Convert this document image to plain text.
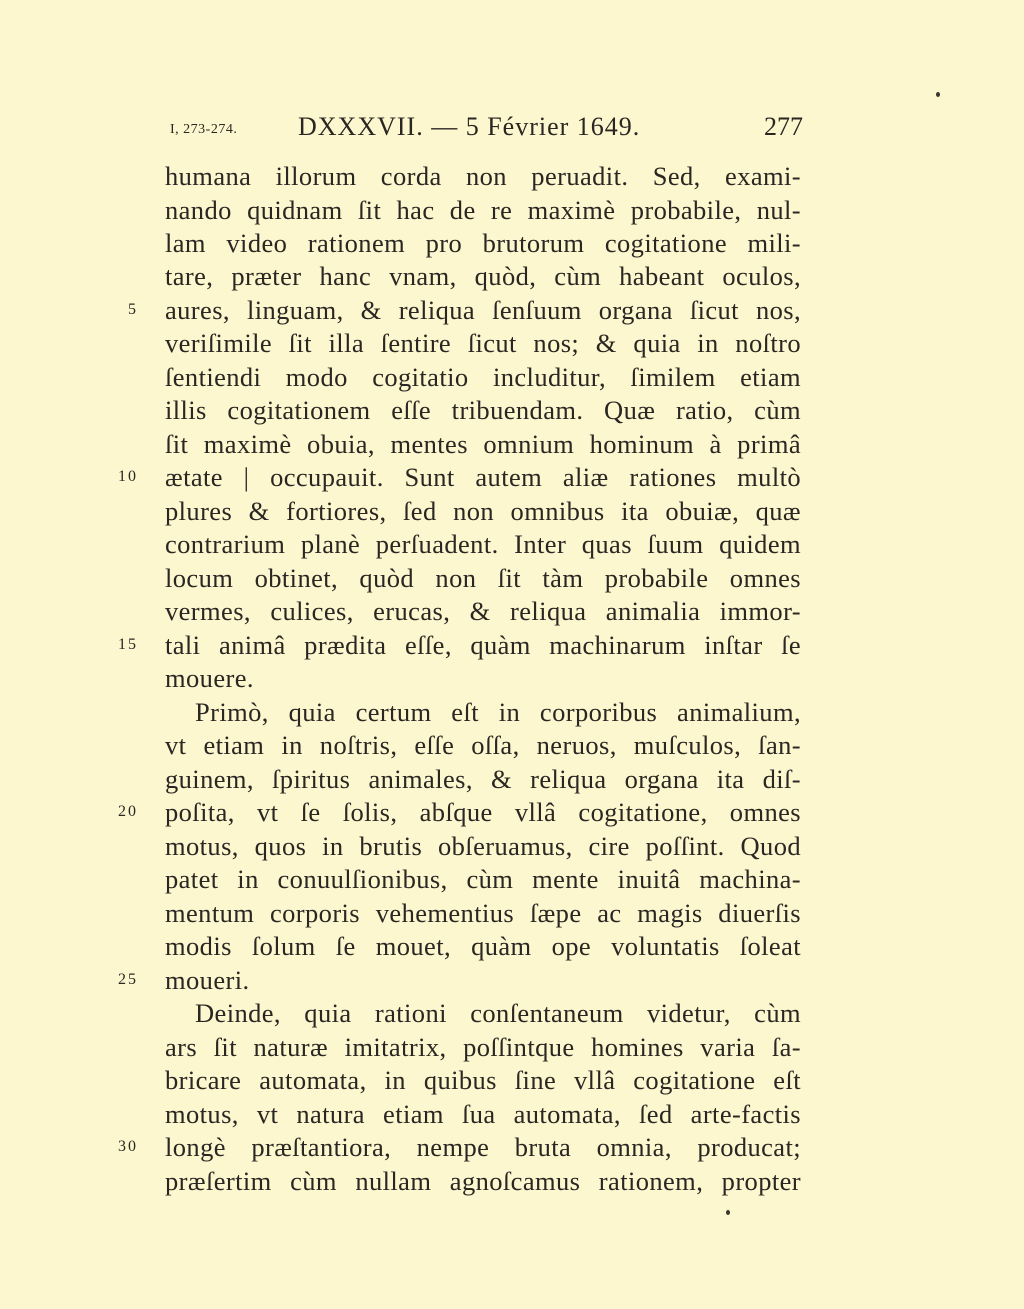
I, 273-274. DXXXVII. — 5 Février 1649.	277
humana illorum corda non peruadit. Sed, exami-
nando quidnam ſit hac de re maximè probabile, nul-
lam video rationem pro brutorum cogitatione mili-
tare, præter hanc vnam, quòd, cùm habeant oculos,
aures, linguam, & reliqua ſenſuum organa ſicut nos,
veriſimile ſit illa ſentire ſicut nos; & quia in noſtro
ſentiendi modo cogitatio includitur, ſimilem etiam
illis cogitationem eſſe tribuendam. Quæ ratio, cùm
ſit maximè obuia, mentes omnium hominum à primâ
ætate | occupauit. Sunt autem aliæ rationes multò
plures & fortiores, ſed non omnibus ita obuiæ, quæ
contrarium planè perſuadent. Inter quas ſuum quidem
locum obtinet, quòd non ſit tàm probabile omnes
vermes, culices, erucas, & reliqua animalia immor-
tali animâ prædita eſſe, quàm machinarum inſtar ſe
mouere.
Primò, quia certum eſt in corporibus animalium,
vt etiam in noſtris, eſſe oſſa, neruos, muſculos, ſan-
guinem, ſpiritus animales, & reliqua organa ita diſ-
poſita, vt ſe ſolis, abſque vllâ cogitatione, omnes
motus, quos in brutis obſeruamus, cire poſſint. Quod
patet in conuulſionibus, cùm mente inuitâ machina-
mentum corporis vehementius ſæpe ac magis diuerſis
modis ſolum ſe mouet, quàm ope voluntatis ſoleat
moueri.
Deinde, quia rationi conſentaneum videtur, cùm
ars ſit naturæ imitatrix, poſſintque homines varia ſa-
bricare automata, in quibus ſine vllâ cogitatione eſt
motus, vt natura etiam ſua automata, ſed arte-factis
longè præſtantiora, nempe bruta omnia, producat;
præſertim cùm nullam agnoſcamus rationem, propter
5
10
15
20
25
30
